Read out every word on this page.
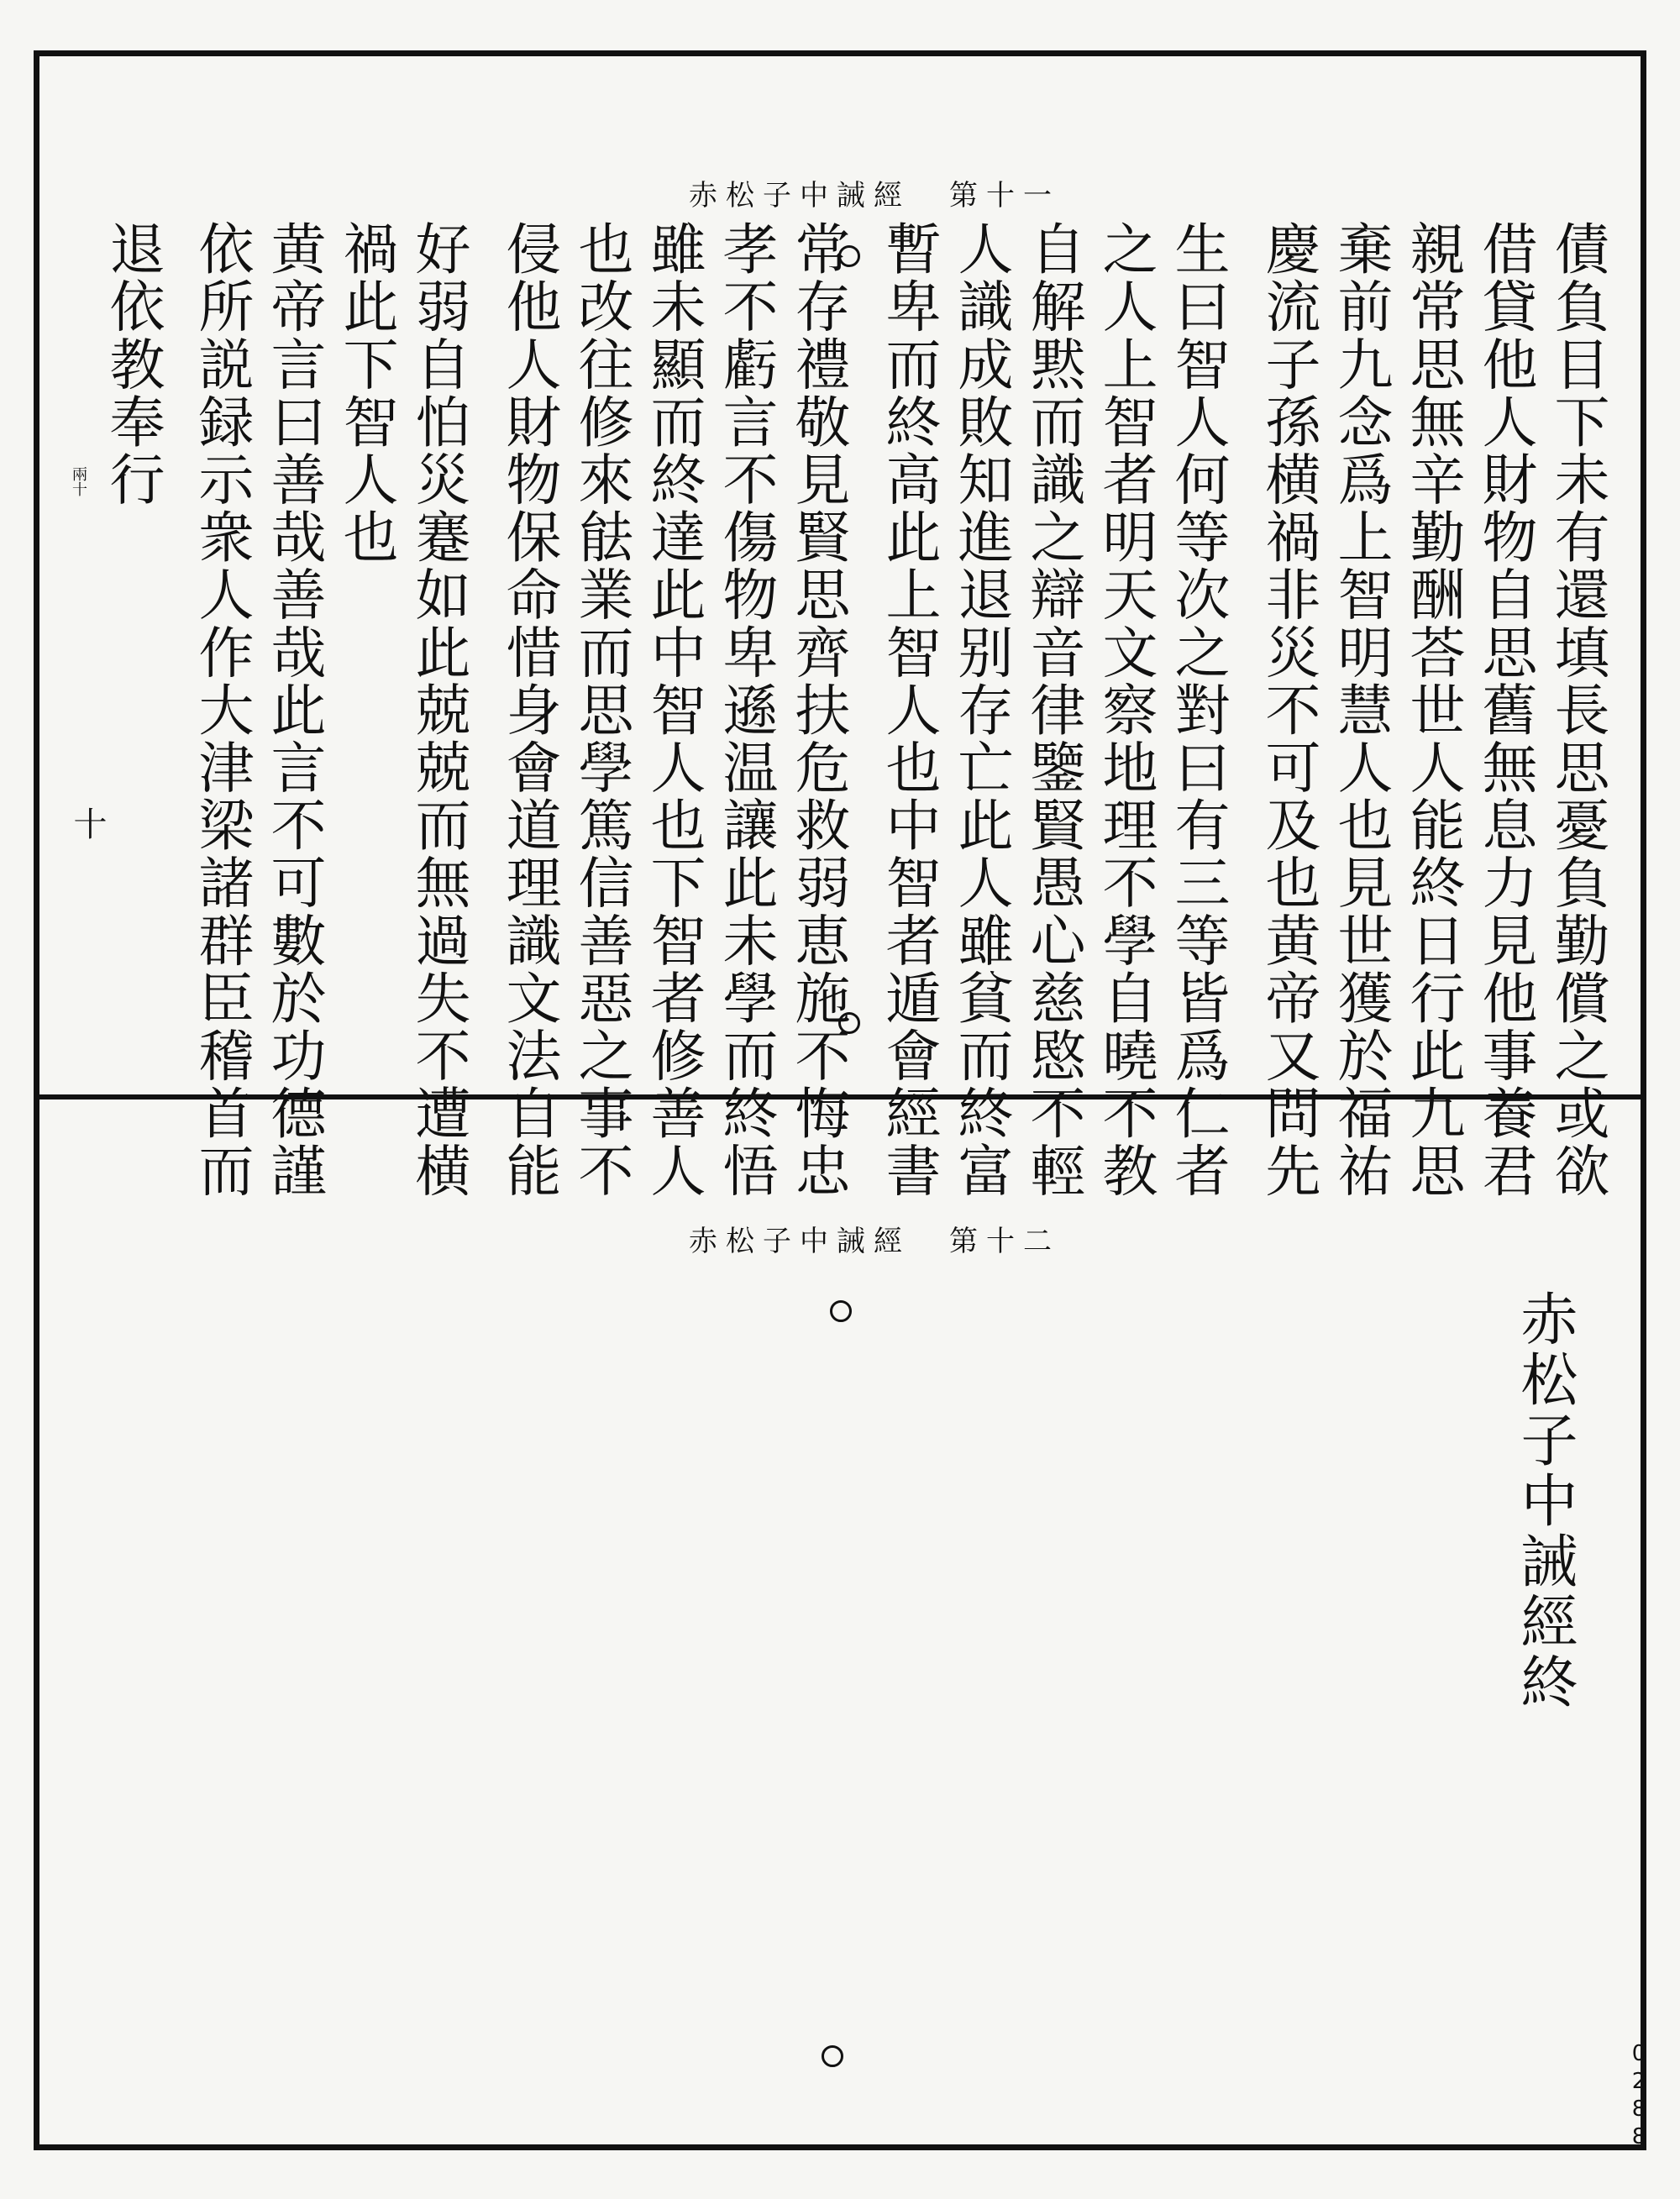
赤松子中誡經 第十一
債負目下未有還填長思憂負勤償之或欲
借貸他人財物自思舊無息力見他事養君
親常思無辛勤酬荅世人能終日行此九思
棄前九念爲上智明慧人也見世獲於福祐
慶流子孫横禍非災不可及也黄帝又問先
生曰智人何等次之對曰有三等皆爲仁者
之人上智者明天文察地理不學自曉不教
自解黙而識之辯音律鑒賢愚心慈愍不輕
人識成敗知進退别存亡此人雖貧而終富
暫卑而終高此上智人也中智者遁會經書
常存禮敬見賢思齊扶危救弱恵施不悔忠
孝不虧言不傷物卑遜温讓此未學而終悟
雖未顯而終達此中智人也下智者修善人
也改往修來䏻業而思學篤信善惡之事不
侵他人財物保命惜身會道理識文法自能
好弱自怕災蹇如此兢兢而無過失不遭横
禍此下智人也
黄帝言曰善哉善哉此言不可數於功德謹
依所説録示衆人作大津梁諸群臣稽首而
退依教奉行
兩十
十
赤松子中誡經 第十二
赤松子中誡經終
0288
